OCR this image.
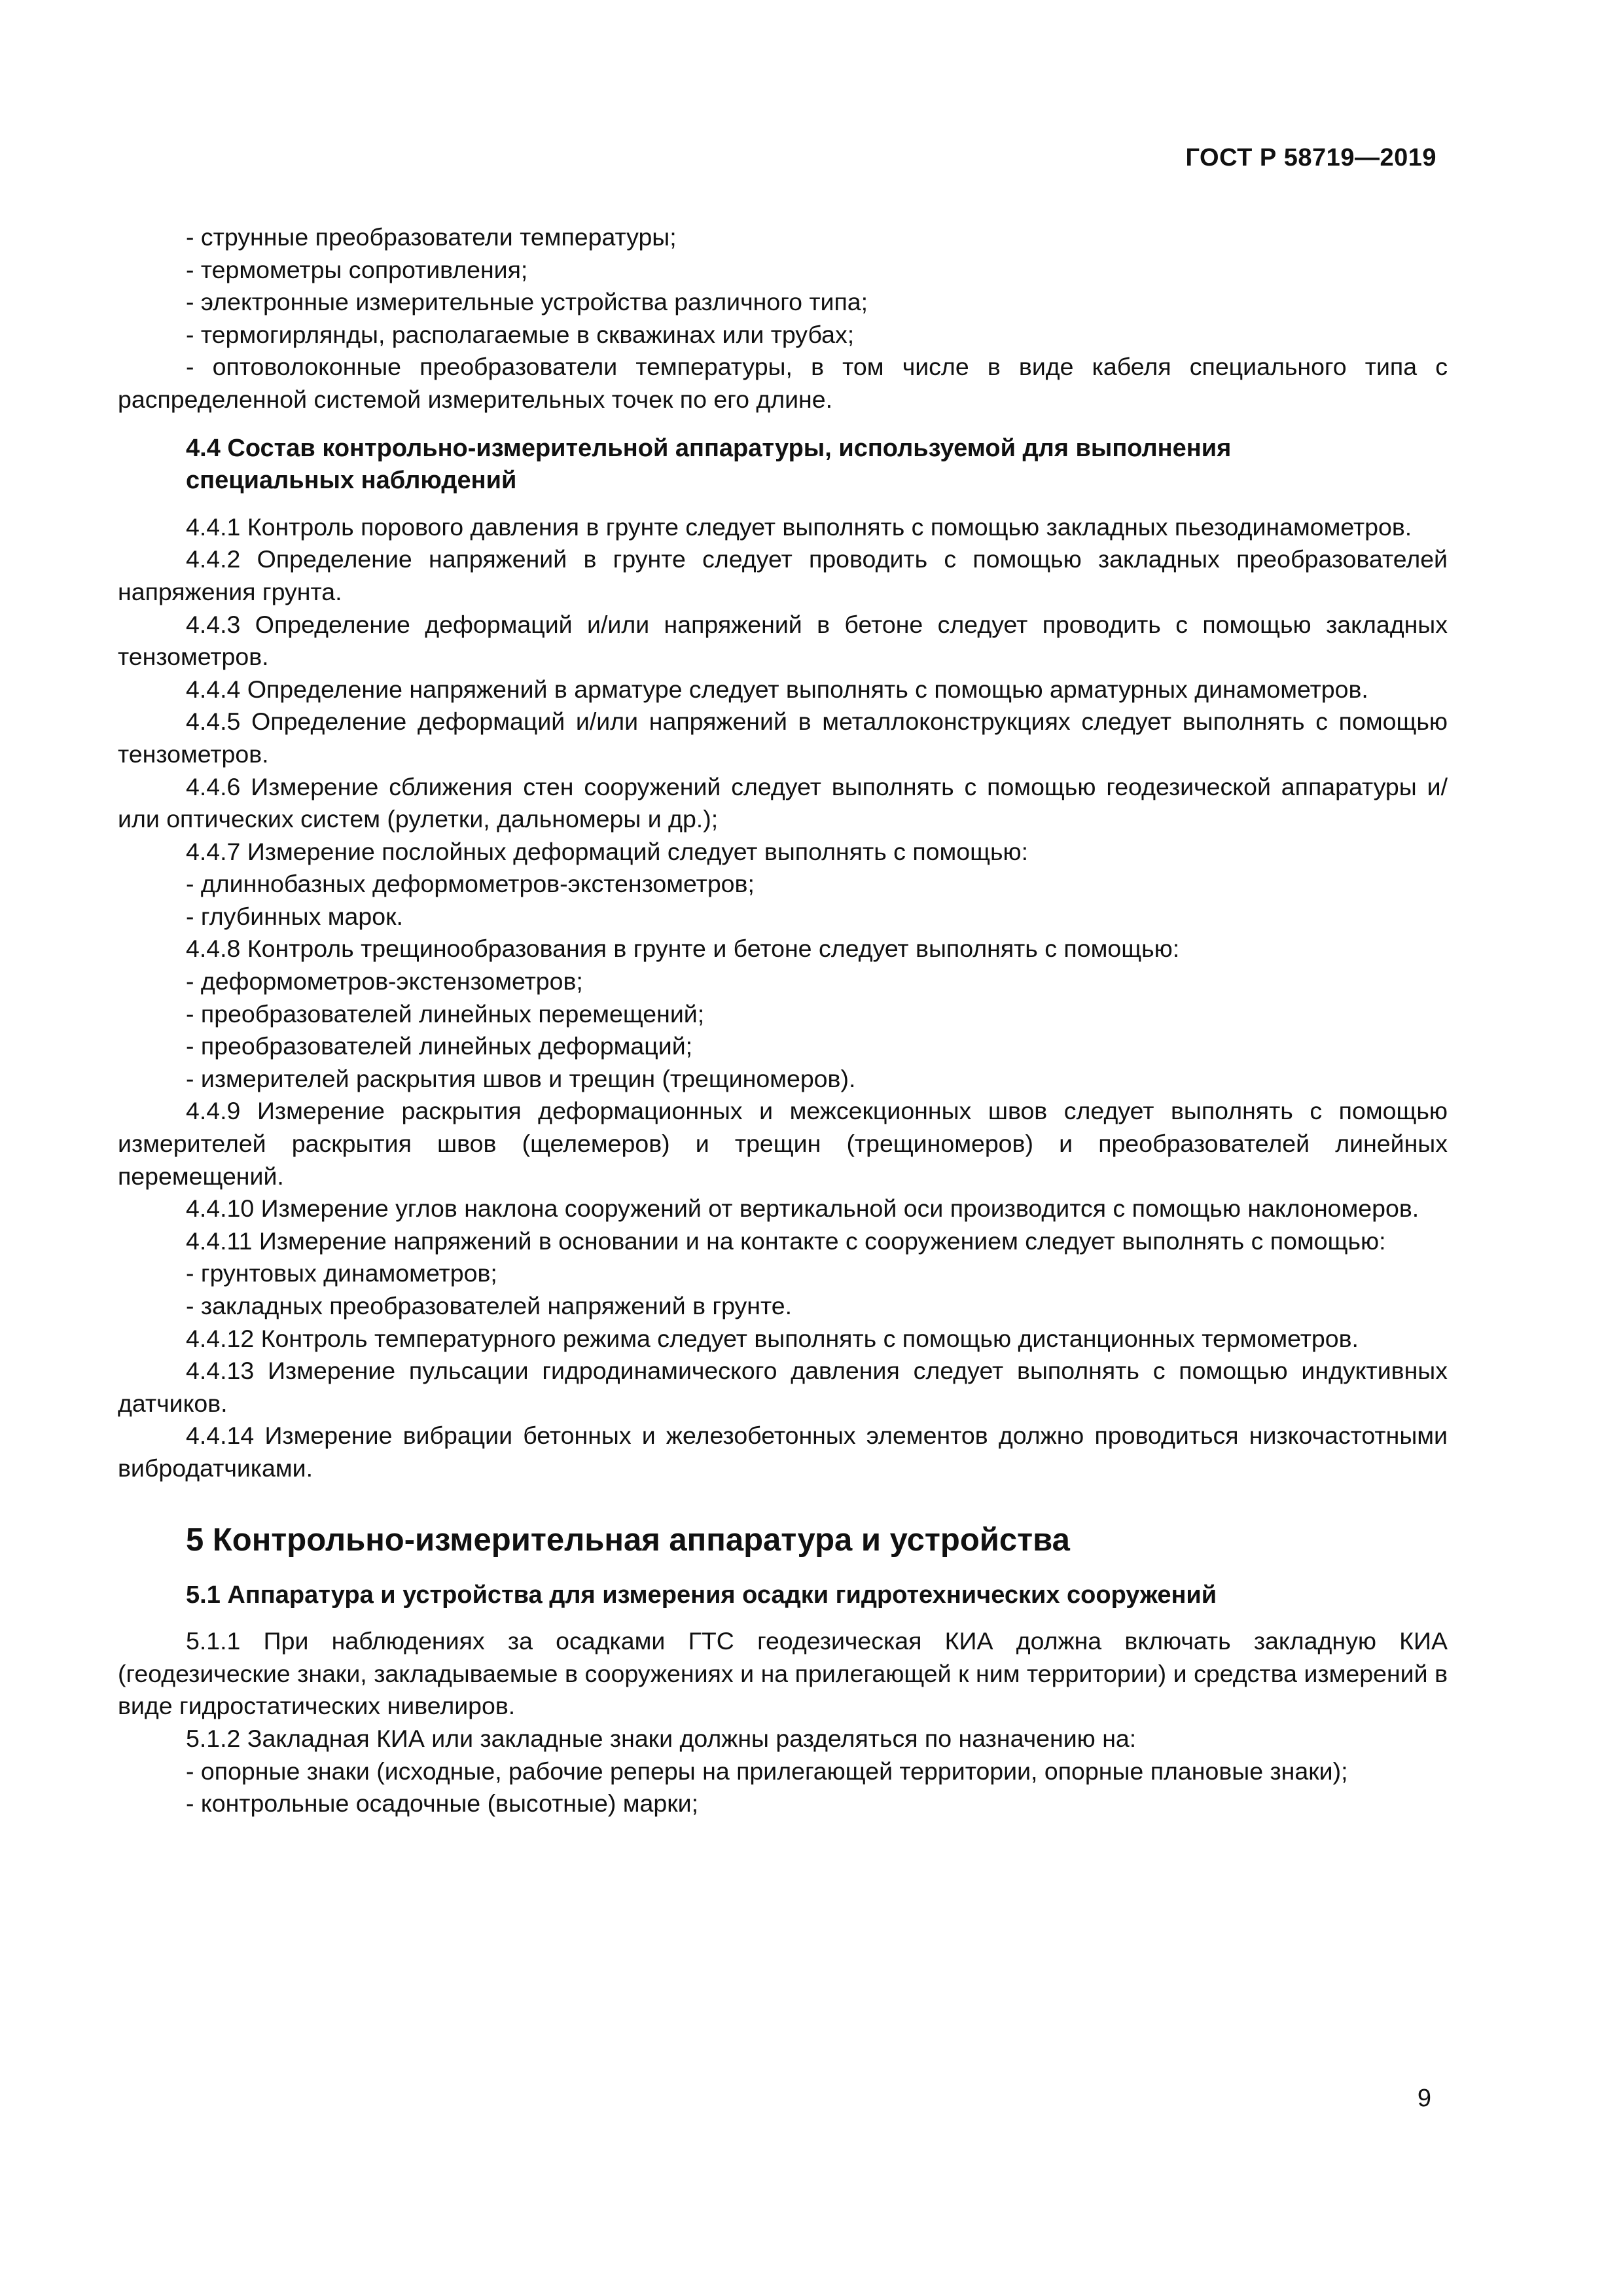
ГОСТ Р 58719—2019

- струнные преобразователи температуры;

- термометры сопротивления;

- электронные измерительные устройства различного типа;

- термогирлянды, располагаемые в скважинах или трубах;

- оптоволоконные преобразователи температуры, в том числе в виде кабеля специального типа с распределенной системой измерительных точек по его длине.

4.4 Состав контрольно-измерительной аппаратуры, используемой для выполнения специальных наблюдений

4.4.1 Контроль порового давления в грунте следует выполнять с помощью закладных пьезодинамометров.

4.4.2 Определение напряжений в грунте следует проводить с помощью закладных преобразователей напряжения грунта.

4.4.3 Определение деформаций и/или напряжений в бетоне следует проводить с помощью закладных тензометров.

4.4.4 Определение напряжений в арматуре следует выполнять с помощью арматурных динамометров.

4.4.5 Определение деформаций и/или напряжений в металлоконструкциях следует выполнять с помощью тензометров.

4.4.6 Измерение сближения стен сооружений следует выполнять с помощью геодезической аппаратуры и/или оптических систем (рулетки, дальномеры и др.);

4.4.7 Измерение послойных деформаций следует выполнять с помощью:

- длиннобазных деформометров-экстензометров;

- глубинных марок.

4.4.8 Контроль трещинообразования в грунте и бетоне следует выполнять с помощью:

- деформометров-экстензометров;

- преобразователей линейных перемещений;

- преобразователей линейных деформаций;

- измерителей раскрытия швов и трещин (трещиномеров).

4.4.9 Измерение раскрытия деформационных и межсекционных швов следует выполнять с помощью измерителей раскрытия швов (щелемеров) и трещин (трещиномеров) и преобразователей линейных перемещений.

4.4.10 Измерение углов наклона сооружений от вертикальной оси производится с помощью наклономеров.

4.4.11 Измерение напряжений в основании и на контакте с сооружением следует выполнять с помощью:

- грунтовых динамометров;

- закладных преобразователей напряжений в грунте.

4.4.12 Контроль температурного режима следует выполнять с помощью дистанционных термометров.

4.4.13 Измерение пульсации гидродинамического давления следует выполнять с помощью индуктивных датчиков.

4.4.14 Измерение вибрации бетонных и железобетонных элементов должно проводиться низкочастотными вибродатчиками.

5 Контрольно-измерительная аппаратура и устройства
5.1 Аппаратура и устройства для измерения осадки гидротехнических сооружений

5.1.1 При наблюдениях за осадками ГТС геодезическая КИА должна включать закладную КИА (геодезические знаки, закладываемые в сооружениях и на прилегающей к ним территории) и средства измерений в виде гидростатических нивелиров.

5.1.2 Закладная КИА или закладные знаки должны разделяться по назначению на:

- опорные знаки (исходные, рабочие реперы на прилегающей территории, опорные плановые знаки);

- контрольные осадочные (высотные) марки;

9
